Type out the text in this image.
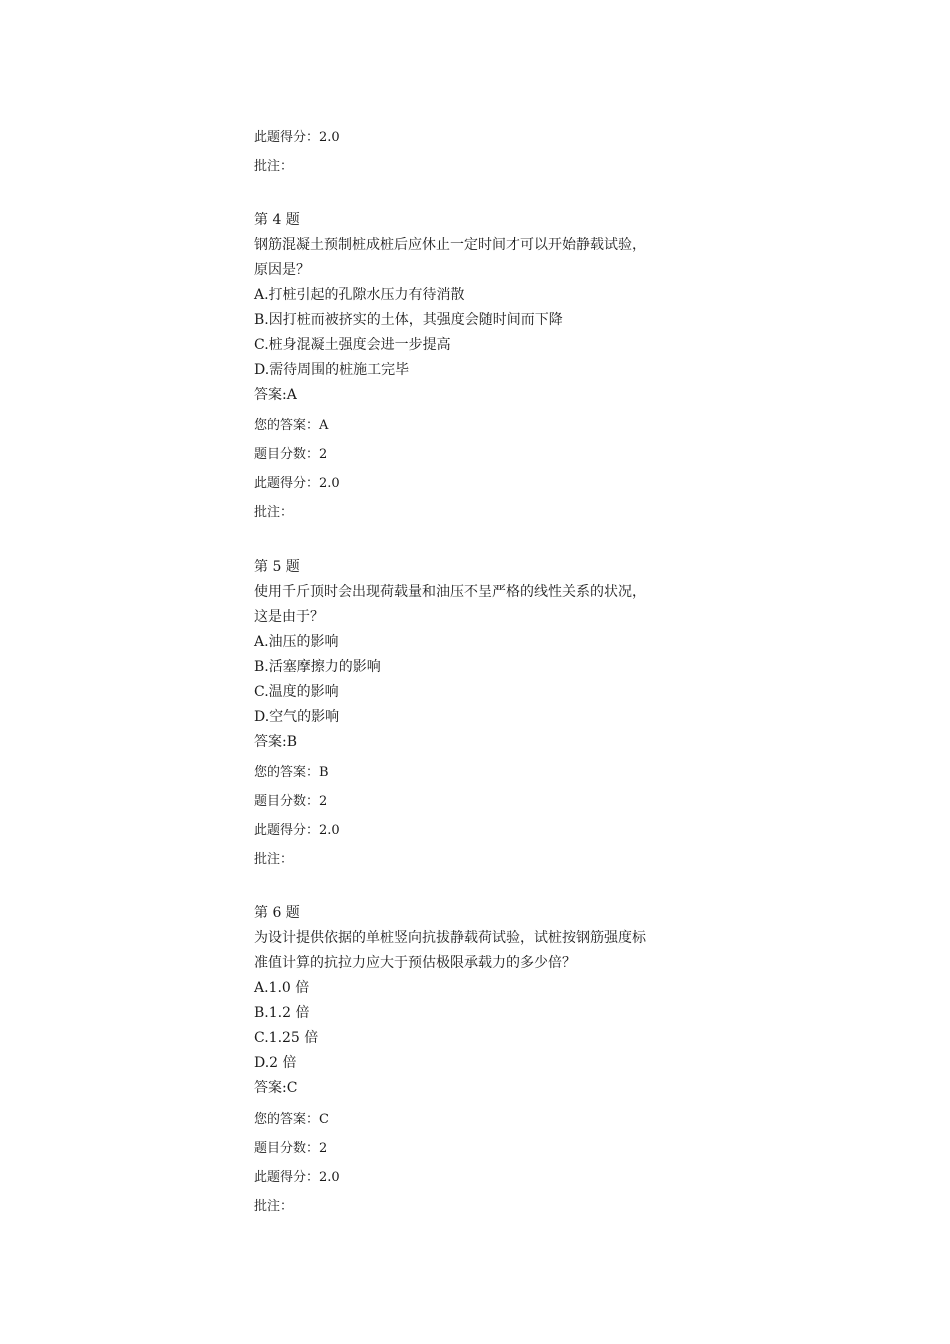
此题得分：2.0
批注：
第 4 题
钢筋混凝土预制桩成桩后应休止一定时间才可以开始静载试验，
原因是？
A.打桩引起的孔隙水压力有待消散
B.因打桩而被挤实的土体，其强度会随时间而下降
C.桩身混凝土强度会进一步提高
D.需待周围的桩施工完毕
答案:A
您的答案：A
题目分数：2
此题得分：2.0
批注：
第 5 题
使用千斤顶时会出现荷载量和油压不呈严格的线性关系的状况，
这是由于？
A.油压的影响
B.活塞摩擦力的影响
C.温度的影响
D.空气的影响
答案:B
您的答案：B
题目分数：2
此题得分：2.0
批注：
第 6 题
为设计提供依据的单桩竖向抗拔静载荷试验，试桩按钢筋强度标
准值计算的抗拉力应大于预估极限承载力的多少倍？
A.1.0 倍
B.1.2 倍
C.1.25 倍
D.2 倍
答案:C
您的答案：C
题目分数：2
此题得分：2.0
批注：
